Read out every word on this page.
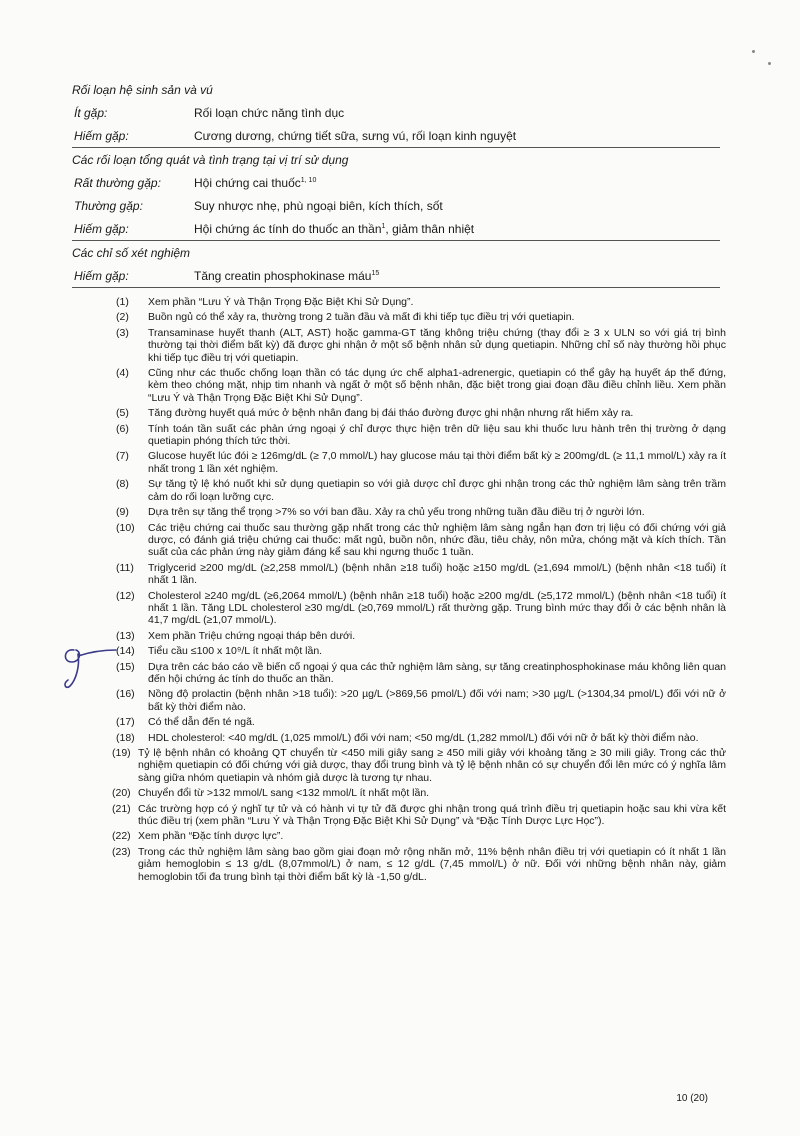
Rối loạn hệ sinh sản và vú
Ít gặp:	Rối loạn chức năng tình dục
Hiếm gặp:	Cương dương, chứng tiết sữa, sưng vú, rối loạn kinh nguyệt
Các rối loạn tổng quát và tình trạng tại vị trí sử dụng
Rất thường gặp:	Hội chứng cai thuốc$^{1, 10}$
Thường gặp:	Suy nhược nhẹ, phù ngoại biên, kích thích, sốt
Hiếm gặp:	Hội chứng ác tính do thuốc an thần$^1$, giảm thân nhiệt
Các chỉ số xét nghiệm
Hiếm gặp:	Tăng creatin phosphokinase máu$^{15}$
(1)	Xem phần “Lưu Ý và Thận Trọng Đặc Biệt Khi Sử Dụng”.
(2)	Buồn ngủ có thể xảy ra, thường trong 2 tuần đầu và mất đi khi tiếp tục điều trị với quetiapin.
(3)	Transaminase huyết thanh (ALT, AST) hoặc gamma-GT tăng không triệu chứng (thay đổi ≥ 3 x ULN so với giá trị bình thường tại thời điểm bất kỳ) đã được ghi nhận ở một số bệnh nhân sử dụng quetiapin. Những chỉ số này thường hồi phục khi tiếp tục điều trị với quetiapin.
(4)	Cũng như các thuốc chống loạn thần có tác dụng ức chế alpha1-adrenergic, quetiapin có thể gây hạ huyết áp thế đứng, kèm theo chóng mặt, nhịp tim nhanh và ngất ở một số bệnh nhân, đặc biệt trong giai đoạn đầu điều chỉnh liều. Xem phần “Lưu Ý và Thận Trọng Đặc Biệt Khi Sử Dụng”.
(5)	Tăng đường huyết quá mức ở bệnh nhân đang bị đái tháo đường được ghi nhận nhưng rất hiếm xảy ra.
(6)	Tính toán tần suất các phản ứng ngoại ý chỉ được thực hiện trên dữ liệu sau khi thuốc lưu hành trên thị trường ở dạng quetiapin phóng thích tức thời.
(7)	Glucose huyết lúc đói ≥ 126mg/dL (≥ 7,0 mmol/L) hay glucose máu tại thời điểm bất kỳ ≥ 200mg/dL (≥ 11,1 mmol/L) xảy ra ít nhất trong 1 lần xét nghiệm.
(8)	Sự tăng tỷ lệ khó nuốt khi sử dụng quetiapin so với giả dược chỉ được ghi nhận trong các thử nghiệm lâm sàng trên trầm cảm do rối loạn lưỡng cực.
(9)	Dựa trên sự tăng thể trọng >7% so với ban đầu. Xảy ra chủ yếu trong những tuần đầu điều trị ở người lớn.
(10)	Các triệu chứng cai thuốc sau thường gặp nhất trong các thử nghiệm lâm sàng ngắn hạn đơn trị liệu có đối chứng với giả dược, có đánh giá triệu chứng cai thuốc: mất ngủ, buồn nôn, nhức đầu, tiêu chảy, nôn mửa, chóng mặt và kích thích. Tần suất của các phản ứng này giảm đáng kể sau khi ngưng thuốc 1 tuần.
(11)	Triglycerid ≥200 mg/dL (≥2,258 mmol/L) (bệnh nhân ≥18 tuổi) hoặc ≥150 mg/dL (≥1,694 mmol/L) (bệnh nhân <18 tuổi) ít nhất 1 lần.
(12)	Cholesterol ≥240 mg/dL (≥6,2064 mmol/L) (bệnh nhân ≥18 tuổi) hoặc ≥200 mg/dL (≥5,172 mmol/L) (bệnh nhân <18 tuổi) ít nhất 1 lần. Tăng LDL cholesterol ≥30 mg/dL (≥0,769 mmol/L) rất thường gặp. Trung bình mức thay đổi ở các bệnh nhân là 41,7 mg/dL (≥1,07 mmol/L).
(13)	Xem phần Triệu chứng ngoại tháp bên dưới.
(14)	Tiểu cầu ≤100 x 10⁹/L ít nhất một lần.
(15)	Dựa trên các báo cáo về biến cố ngoại ý qua các thử nghiệm lâm sàng, sự tăng creatinphosphokinase máu không liên quan đến hội chứng ác tính do thuốc an thần.
(16)	Nồng độ prolactin (bệnh nhân >18 tuổi): >20 µg/L (>869,56 pmol/L) đối với nam; >30 µg/L (>1304,34 pmol/L) đối với nữ ở bất kỳ thời điểm nào.
(17)	Có thể dẫn đến té ngã.
(18)	HDL cholesterol: <40 mg/dL (1,025 mmol/L) đối với nam; <50 mg/dL (1,282 mmol/L) đối với nữ ở bất kỳ thời điểm nào.
(19) Tỷ lệ bệnh nhân có khoảng QT chuyển từ <450 mili giây sang ≥ 450 mili giây với khoảng tăng ≥ 30 mili giây. Trong các thử nghiệm quetiapin có đối chứng với giả dược, thay đổi trung bình và tỷ lệ bệnh nhân có sự chuyển đổi lên mức có ý nghĩa lâm sàng giữa nhóm quetiapin và nhóm giả dược là tương tự nhau.
(20) Chuyển đổi từ >132 mmol/L sang <132 mmol/L ít nhất một lần.
(21) Các trường hợp có ý nghĩ tự tử và có hành vi tự tử đã được ghi nhận trong quá trình điều trị quetiapin hoặc sau khi vừa kết thúc điều trị (xem phần “Lưu Ý và Thận Trọng Đặc Biệt Khi Sử Dụng” và “Đặc Tính Dược Lực Học”).
(22) Xem phần “Đặc tính dược lực”.
(23) Trong các thử nghiệm lâm sàng bao gồm giai đoạn mở rộng nhãn mở, 11% bệnh nhân điều trị với quetiapin có ít nhất 1 lần giảm hemoglobin ≤ 13 g/dL (8,07mmol/L) ở nam, ≤ 12 g/dL (7,45 mmol/L) ở nữ. Đối với những bệnh nhân này, giảm hemoglobin tối đa trung bình tại thời điểm bất kỳ là -1,50 g/dL.
10 (20)
